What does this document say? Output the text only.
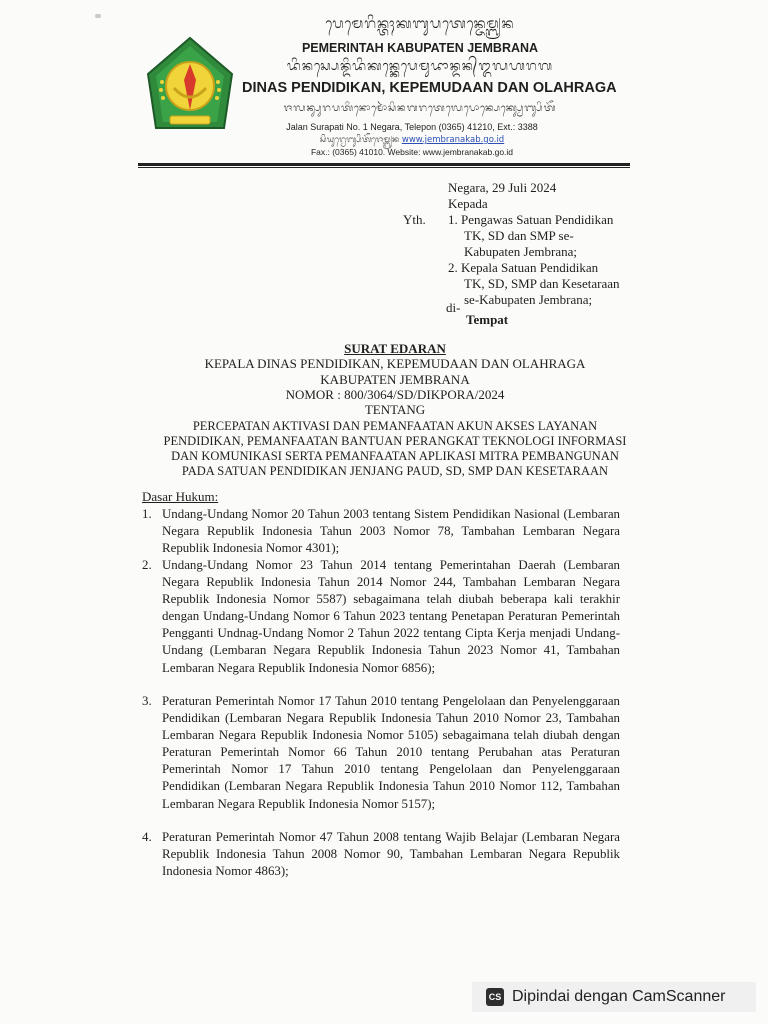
ᬧᬾᬫᬾᬭᬶᬦ᭄ᬢᬄᬓᬩᬸᬧᬢᬾᬦ᭄ᬚᬾᬫ᭄ᬩ᭄ᬭᬦ
PEMERINTAH KABUPATEN JEMBRANA
ᬤᬶᬦᬲ᭄ᬧᬾᬦ᭄ᬤᬶᬤᬶᬓᬦ᭄ᬓᬾᬧᬾᬫᬸᬤᬵᬦ᭄ᬤᬦ᭄ᬑᬮᬳᬭᬕ
DINAS PENDIDIKAN, KEPEMUDAAN DAN OLAHRAGA
ᬚᬮᬦ᭄ᬲᬸᬭᬧᬢᬶᬦᭀᬫᭀᬃᬲᬶᬦᬕᬭᬢᬾᬮᬾᬧᭀᬦ᭄ᬧᬾᬓ᭄ᬲ᭄ᬯᬾᬩ᭄ᬲᬶᬢᭂ
Jalan Surapati No. 1 Negara, Telepon (0365) 41210, Ext.: 3388
ᬲᬶᬬᬸᬭ᭄ᬯᬾᬩ᭄ᬲᬶᬢᭂᬚᬾᬫ᭄ᬩ᭄ᬭᬦ www.jembranakab.go.id
Fax.: (0365) 41010. Website: www.jembranakab.go.id
Negara, 29 Juli 2024
Kepada
Yth. 1. Pengawas Satuan Pendidikan
TK, SD dan SMP se-
Kabupaten Jembrana;
2. Kepala Satuan Pendidikan
TK, SD, SMP dan Kesetaraan
se-Kabupaten Jembrana;
di-
Tempat
SURAT EDARAN
KEPALA DINAS PENDIDIKAN, KEPEMUDAAN DAN OLAHRAGA
KABUPATEN JEMBRANA
NOMOR : 800/3064/SD/DIKPORA/2024
TENTANG
PERCEPATAN AKTIVASI DAN PEMANFAATAN AKUN AKSES LAYANAN
PENDIDIKAN, PEMANFAATAN BANTUAN PERANGKAT TEKNOLOGI INFORMASI
DAN KOMUNIKASI SERTA PEMANFAATAN APLIKASI MITRA PEMBANGUNAN
PADA SATUAN PENDIDIKAN JENJANG PAUD, SD, SMP DAN KESETARAAN
Dasar Hukum:
1. Undang-Undang Nomor 20 Tahun 2003 tentang Sistem Pendidikan Nasional (Lembaran Negara Republik Indonesia Tahun 2003 Nomor 78, Tambahan Lembaran Negara Republik Indonesia Nomor 4301);
2. Undang-Undang Nomor 23 Tahun 2014 tentang Pemerintahan Daerah (Lembaran Negara Republik Indonesia Tahun 2014 Nomor 244, Tambahan Lembaran Negara Republik Indonesia Nomor 5587) sebagaimana telah diubah beberapa kali terakhir dengan Undang-Undang Nomor 6 Tahun 2023 tentang Penetapan Peraturan Pemerintah Pengganti Undnag-Undang Nomor 2 Tahun 2022 tentang Cipta Kerja menjadi Undang-Undang (Lembaran Negara Republik Indonesia Tahun 2023 Nomor 41, Tambahan Lembaran Negara Republik Indonesia Nomor 6856);
3. Peraturan Pemerintah Nomor 17 Tahun 2010 tentang Pengelolaan dan Penyelenggaraan Pendidikan (Lembaran Negara Republik Indonesia Tahun 2010 Nomor 23, Tambahan Lembaran Negara Republik Indonesia Nomor 5105) sebagaimana telah diubah dengan Peraturan Pemerintah Nomor 66 Tahun 2010 tentang Perubahan atas Peraturan Pemerintah Nomor 17 Tahun 2010 tentang Pengelolaan dan Penyelenggaraan Pendidikan (Lembaran Negara Republik Indonesia Tahun 2010 Nomor 112, Tambahan Lembaran Negara Republik Indonesia Nomor 5157);
4. Peraturan Pemerintah Nomor 47 Tahun 2008 tentang Wajib Belajar (Lembaran Negara Republik Indonesia Tahun 2008 Nomor 90, Tambahan Lembaran Negara Republik Indonesia Nomor 4863);
CS Dipindai dengan CamScanner
